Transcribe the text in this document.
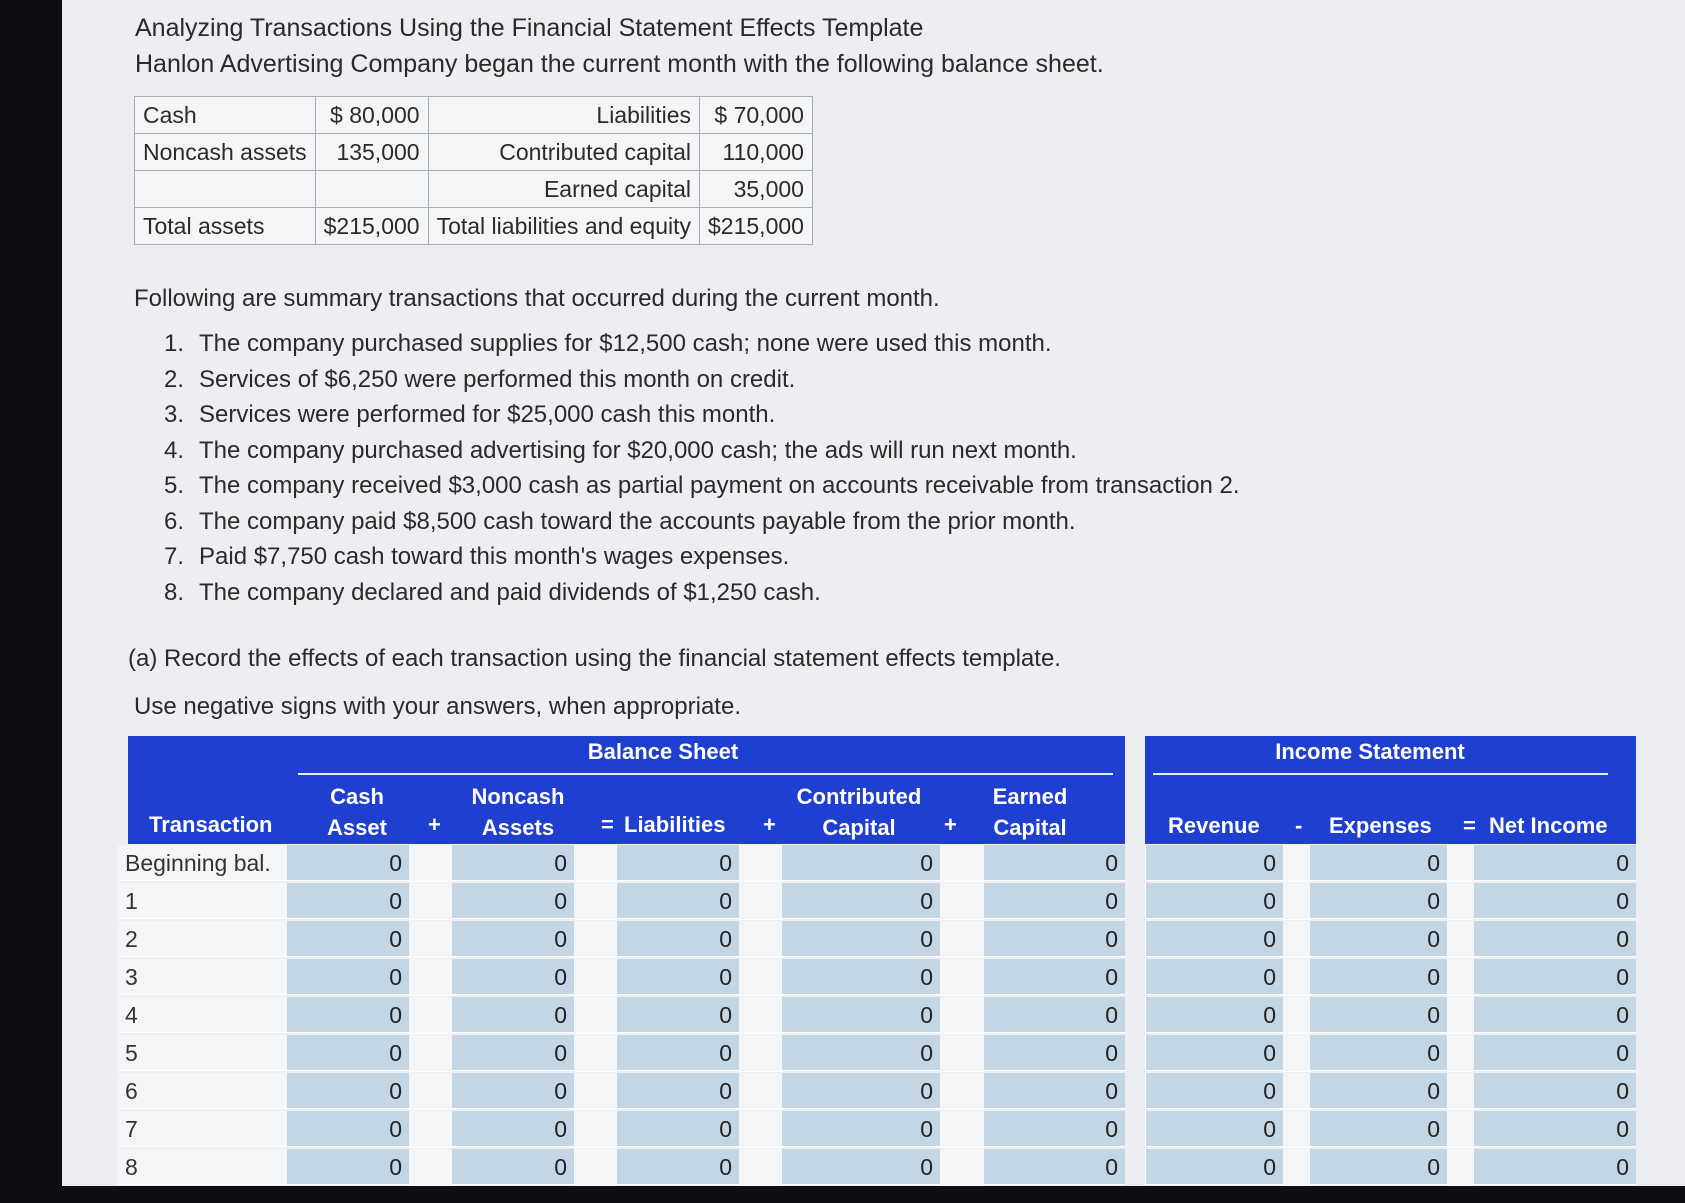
Analyzing Transactions Using the Financial Statement Effects Template
Hanlon Advertising Company began the current month with the following balance sheet.
Cash	$ 80,000	Liabilities	$ 70,000
Noncash assets	135,000	Contributed capital	110,000
		Earned capital	35,000
Total assets	$215,000	Total liabilities and equity	$215,000
Following are summary transactions that occurred during the current month.
1. The company purchased supplies for $12,500 cash; none were used this month.
2. Services of $6,250 were performed this month on credit.
3. Services were performed for $25,000 cash this month.
4. The company purchased advertising for $20,000 cash; the ads will run next month.
5. The company received $3,000 cash as partial payment on accounts receivable from transaction 2.
6. The company paid $8,500 cash toward the accounts payable from the prior month.
7. Paid $7,750 cash toward this month's wages expenses.
8. The company declared and paid dividends of $1,250 cash.
(a) Record the effects of each transaction using the financial statement effects template.
Use negative signs with your answers, when appropriate.
Balance Sheet
Transaction
Cash
Asset +
Noncash
Assets	= Liabilities +
Contributed
Capital	+
Earned
Capital
Income Statement
Revenue - Expenses = Net Income
Beginning bal.	0	0	0	0	0	0	0	0
1	0	0	0	0	0	0	0	0
2	0	0	0	0	0	0	0	0
3	0	0	0	0	0	0	0	0
4	0	0	0	0	0	0	0	0
5	0	0	0	0	0	0	0	0
6	0	0	0	0	0	0	0	0
7	0	0	0	0	0	0	0	0
8	0	0	0	0	0	0	0	0
